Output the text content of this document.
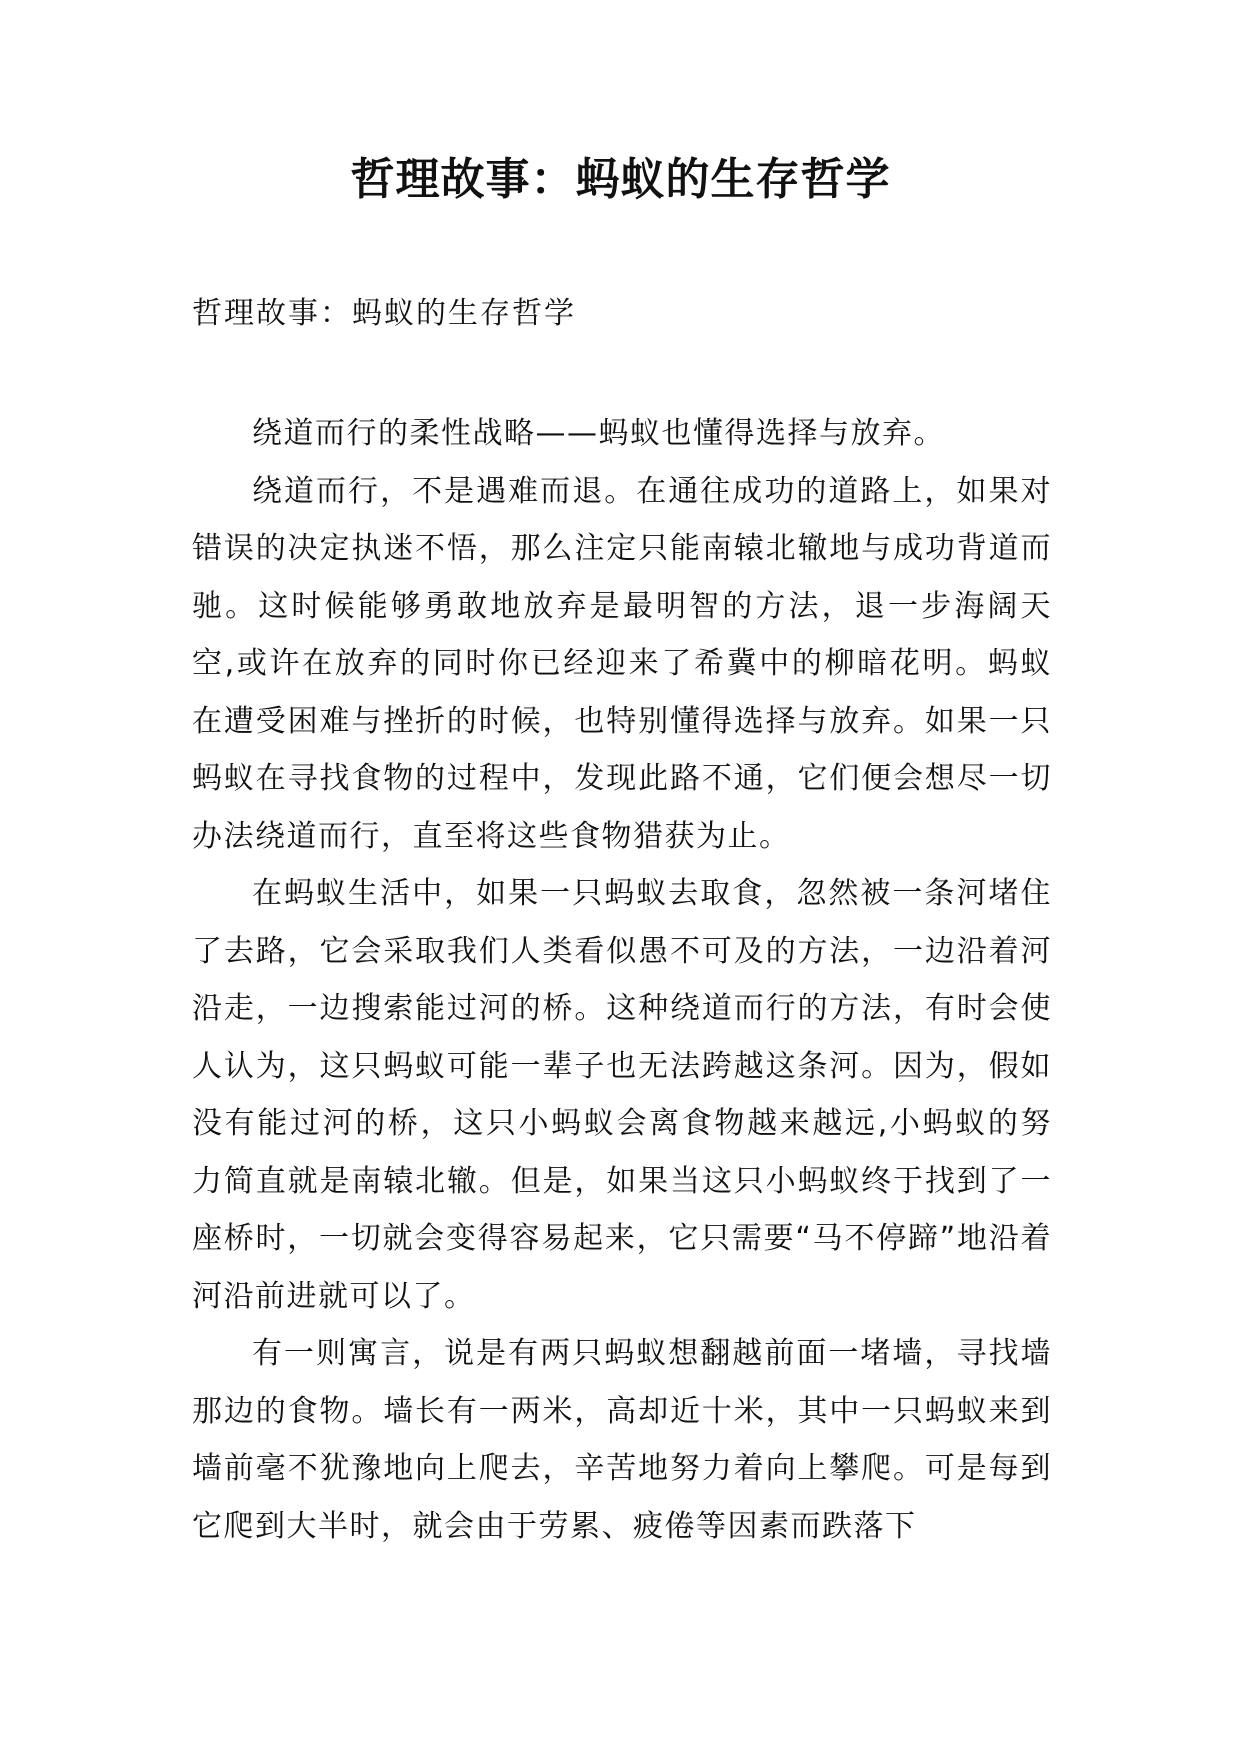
哲理故事：蚂蚁的生存哲学

哲理故事：蚂蚁的生存哲学

绕道而行的柔性战略——蚂蚁也懂得选择与放弃。

绕道而行，不是遇难而退。在通往成功的道路上，如果对错误的决定执迷不悟，那么注定只能南辕北辙地与成功背道而驰。这时候能够勇敢地放弃是最明智的方法，退一步海阔天空,或许在放弃的同时你已经迎来了希冀中的柳暗花明。蚂蚁在遭受困难与挫折的时候，也特别懂得选择与放弃。如果一只蚂蚁在寻找食物的过程中，发现此路不通，它们便会想尽一切办法绕道而行，直至将这些食物猎获为止。

在蚂蚁生活中，如果一只蚂蚁去取食，忽然被一条河堵住了去路，它会采取我们人类看似愚不可及的方法，一边沿着河沿走，一边搜索能过河的桥。这种绕道而行的方法，有时会使人认为，这只蚂蚁可能一辈子也无法跨越这条河。因为，假如没有能过河的桥，这只小蚂蚁会离食物越来越远,小蚂蚁的努力简直就是南辕北辙。但是，如果当这只小蚂蚁终于找到了一座桥时，一切就会变得容易起来，它只需要“马不停蹄”地沿着河沿前进就可以了。

有一则寓言，说是有两只蚂蚁想翻越前面一堵墙，寻找墙那边的食物。墙长有一两米，高却近十米，其中一只蚂蚁来到墙前毫不犹豫地向上爬去，辛苦地努力着向上攀爬。可是每到它爬到大半时，就会由于劳累、疲倦等因素而跌落下
